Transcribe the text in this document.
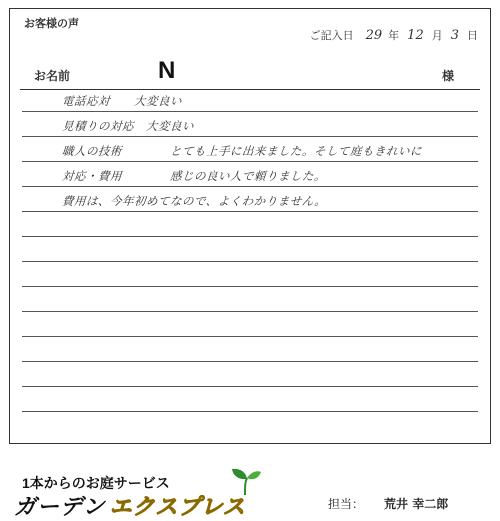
お客様の声
ご記入日 29 年 12 月 3 日
お名前	N	様
電話応対　　大変良い
見積りの対応　大変良い
職人の技術　　　　とても上手に出来ました。そして庭もきれいに
対応・費用　　　　感じの良い人で頼りました。
費用は、今年初めてなので、よくわかりません。
1本からのお庭サービス
ガーデン エクスプレス	担当： 荒井 幸二郎
